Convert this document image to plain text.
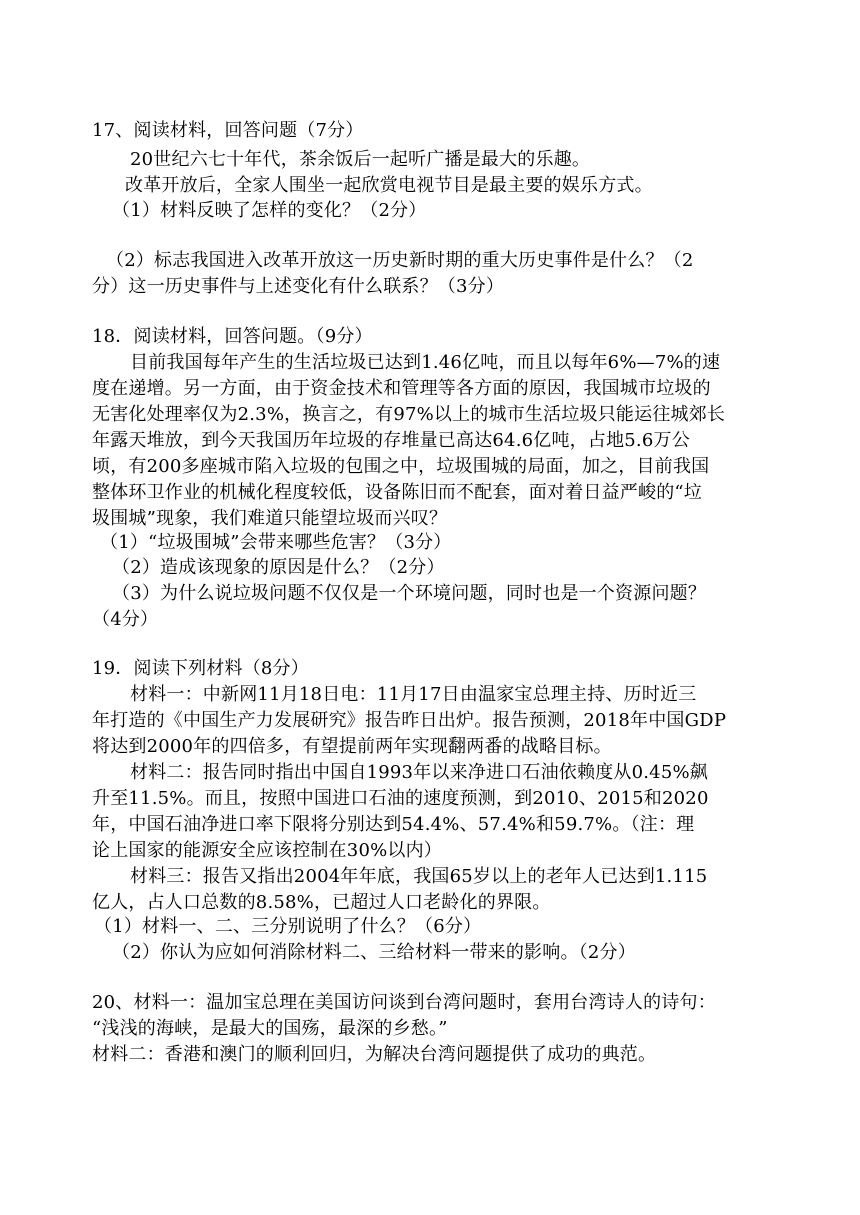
17、阅读材料，回答问题（7分）
20世纪六七十年代，茶余饭后一起听广播是最大的乐趣。
改革开放后，全家人围坐一起欣赏电视节目是最主要的娱乐方式。
（1）材料反映了怎样的变化？（2分）
（2）标志我国进入改革开放这一历史新时期的重大历史事件是什么？（2
分）这一历史事件与上述变化有什么联系？（3分）
18．阅读材料，回答问题。（9分）
目前我国每年产生的生活垃圾已达到1.46亿吨，而且以每年6%—7%的速
度在递增。另一方面，由于资金技术和管理等各方面的原因，我国城市垃圾的
无害化处理率仅为2.3%，换言之，有97%以上的城市生活垃圾只能运往城郊长
年露天堆放，到今天我国历年垃圾的存堆量已高达64.6亿吨，占地5.6万公
顷，有200多座城市陷入垃圾的包围之中，垃圾围城的局面，加之，目前我国
整体环卫作业的机械化程度较低，设备陈旧而不配套，面对着日益严峻的“垃
圾围城”现象，我们难道只能望垃圾而兴叹？
（1）“垃圾围城”会带来哪些危害？（3分）
（2）造成该现象的原因是什么？（2分）
（3）为什么说垃圾问题不仅仅是一个环境问题，同时也是一个资源问题？
（4分）
19．阅读下列材料（8分）
材料一：中新网11月18日电：11月17日由温家宝总理主持、历时近三
年打造的《中国生产力发展研究》报告昨日出炉。报告预测，2018年中国GDP
将达到2000年的四倍多，有望提前两年实现翻两番的战略目标。
材料二：报告同时指出中国自1993年以来净进口石油依赖度从0.45%飙
升至11.5%。而且，按照中国进口石油的速度预测，到2010、2015和2020
年，中国石油净进口率下限将分别达到54.4%、57.4%和59.7%。（注：理
论上国家的能源安全应该控制在30%以内）
材料三：报告又指出2004年年底，我国65岁以上的老年人已达到1.115
亿人，占人口总数的8.58%，已超过人口老龄化的界限。
（1）材料一、二、三分别说明了什么？（6分）
（2）你认为应如何消除材料二、三给材料一带来的影响。（2分）
20、材料一：温加宝总理在美国访问谈到台湾问题时，套用台湾诗人的诗句：
“浅浅的海峡，是最大的国殇，最深的乡愁。”
材料二：香港和澳门的顺利回归，为解决台湾问题提供了成功的典范。
